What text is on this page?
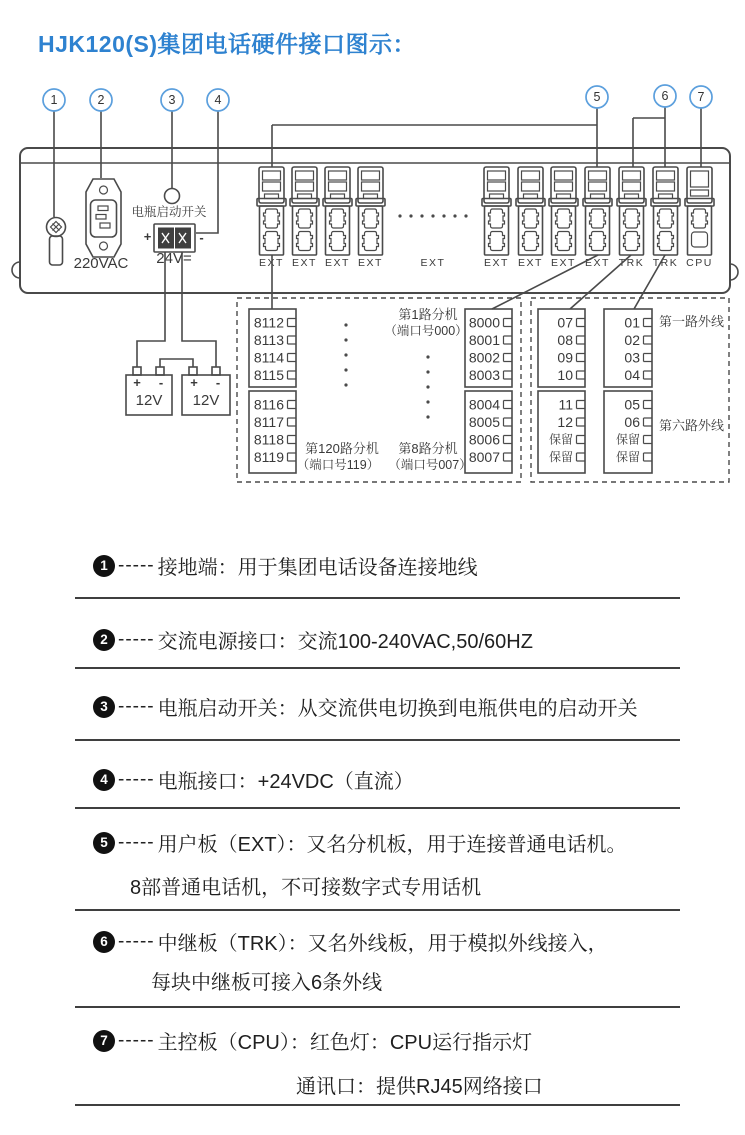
HJK120(S)集团电话硬件接口图示：
220VAC
电瓶启动开关
+	-
24V=
+ -
12V
+ -
12V
EXT EXT EXT EXT	EXT	EXT EXT EXT EXT TRK TRK CPU
8112
8113
8114
8115
8116
8117
8118
8119
8000
8001
8002
8003
8004
8005
8006
8007
第1路分机
（端口号000）
第120路分机
（端口号119）
第8路分机
（端口号007）
07
08
09
10
11
12
保留
保留
01
02
03
04
05
06
保留
保留
第一路外线
第六路外线
1	2	3	4	5	6 7
1 ----- 接地端：用于集团电话设备连接地线
2 ----- 交流电源接口：交流100-240VAC,50/60HZ
3 ----- 电瓶启动开关：从交流供电切换到电瓶供电的启动开关
4 ----- 电瓶接口：+24VDC（直流）
5 ----- 用户板（EXT）：又名分机板，用于连接普通电话机。
8部普通电话机，不可接数字式专用话机
6 ----- 中继板（TRK）：又名外线板，用于模拟外线接入，
每块中继板可接入6条外线
7 ----- 主控板（CPU）：红色灯：CPU运行指示灯
通讯口：提供RJ45网络接口
